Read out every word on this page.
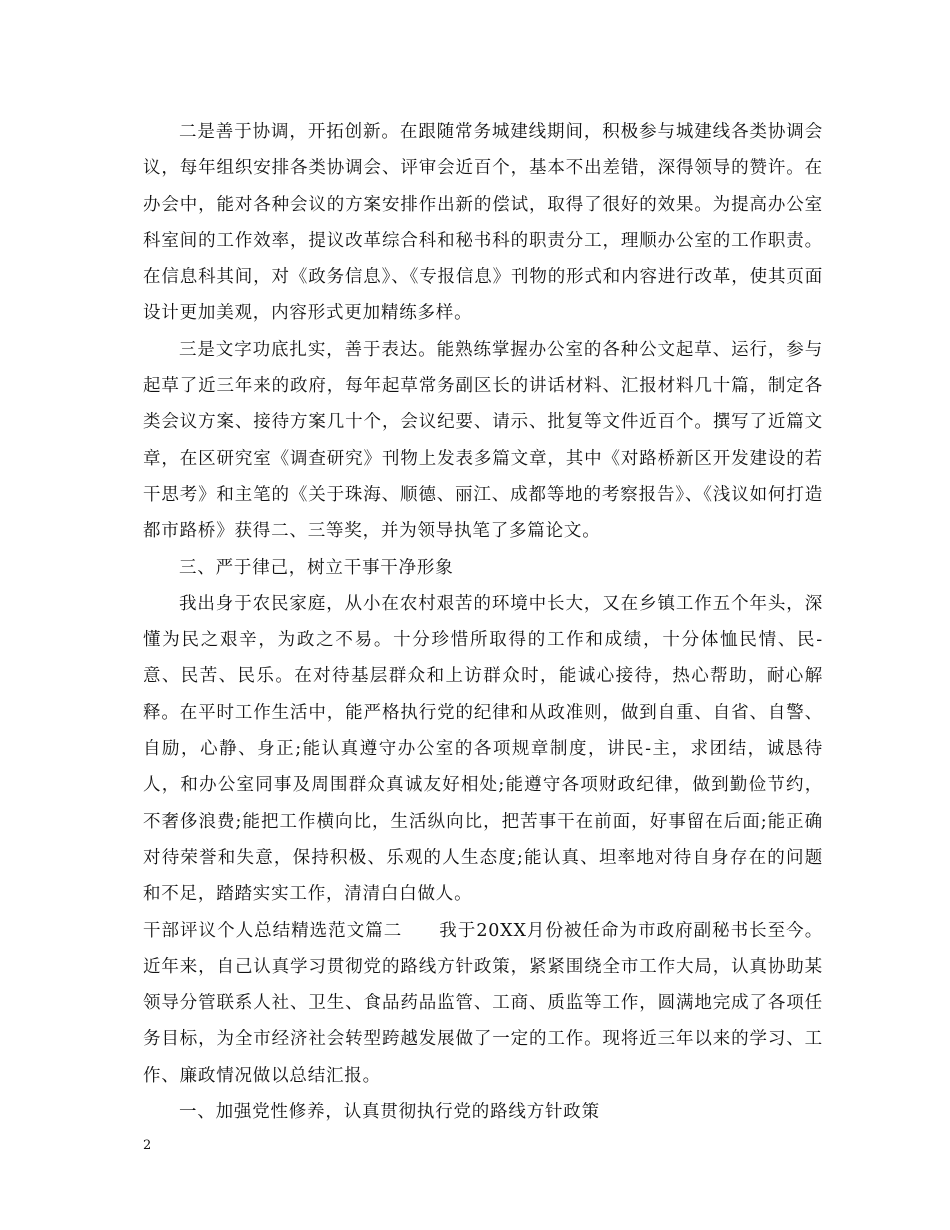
二是善于协调，开拓创新。在跟随常务城建线期间，积极参与城建线各类协调会议，每年组织安排各类协调会、评审会近百个，基本不出差错，深得领导的赞许。在办会中，能对各种会议的方案安排作出新的偿试，取得了很好的效果。为提高办公室科室间的工作效率，提议改革综合科和秘书科的职责分工，理顺办公室的工作职责。在信息科其间，对《政务信息》、《专报信息》刊物的形式和内容进行改革，使其页面设计更加美观，内容形式更加精练多样。

三是文字功底扎实，善于表达。能熟练掌握办公室的各种公文起草、运行，参与起草了近三年来的政府，每年起草常务副区长的讲话材料、汇报材料几十篇，制定各类会议方案、接待方案几十个，会议纪要、请示、批复等文件近百个。撰写了近篇文章，在区研究室《调查研究》刊物上发表多篇文章，其中《对路桥新区开发建设的若干思考》和主笔的《关于珠海、顺德、丽江、成都等地的考察报告》、《浅议如何打造都市路桥》获得二、三等奖，并为领导执笔了多篇论文。

三、严于律己，树立干事干净形象

我出身于农民家庭，从小在农村艰苦的环境中长大，又在乡镇工作五个年头，深懂为民之艰辛，为政之不易。十分珍惜所取得的工作和成绩，十分体恤民情、民-意、民苦、民乐。在对待基层群众和上访群众时，能诚心接待，热心帮助，耐心解释。在平时工作生活中，能严格执行党的纪律和从政准则，做到自重、自省、自警、自励，心静、身正;能认真遵守办公室的各项规章制度，讲民-主，求团结，诚恳待人，和办公室同事及周围群众真诚友好相处;能遵守各项财政纪律，做到勤俭节约，不奢侈浪费;能把工作横向比，生活纵向比，把苦事干在前面，好事留在后面;能正确对待荣誉和失意，保持积极、乐观的人生态度;能认真、坦率地对待自身存在的问题和不足，踏踏实实工作，清清白白做人。

干部评议个人总结精选范文篇二　　我于20XX月份被任命为市政府副秘书长至今。近年来，自己认真学习贯彻党的路线方针政策，紧紧围绕全市工作大局，认真协助某领导分管联系人社、卫生、食品药品监管、工商、质监等工作，圆满地完成了各项任务目标，为全市经济社会转型跨越发展做了一定的工作。现将近三年以来的学习、工作、廉政情况做以总结汇报。

一、加强党性修养，认真贯彻执行党的路线方针政策

2
